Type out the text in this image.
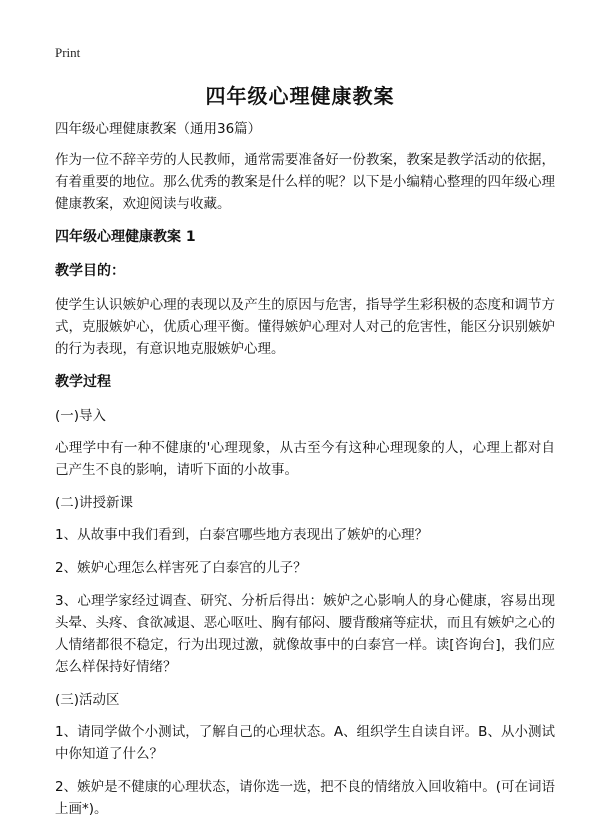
Print
四年级心理健康教案

四年级心理健康教案（通用36篇）

作为一位不辞辛劳的人民教师，通常需要准备好一份教案，教案是教学活动的依据，有着重要的地位。那么优秀的教案是什么样的呢？以下是小编精心整理的四年级心理健康教案，欢迎阅读与收藏。

四年级心理健康教案 1

教学目的：

使学生认识嫉妒心理的表现以及产生的原因与危害，指导学生彩积极的态度和调节方式，克服嫉妒心，优质心理平衡。懂得嫉妒心理对人对己的危害性，能区分识别嫉妒的行为表现，有意识地克服嫉妒心理。

教学过程

(一)导入

心理学中有一种不健康的'心理现象，从古至今有这种心理现象的人，心理上都对自己产生不良的影响，请听下面的小故事。

(二)讲授新课

1、从故事中我们看到，白泰宫哪些地方表现出了嫉妒的心理？

2、嫉妒心理怎么样害死了白泰宫的儿子？

3、心理学家经过调查、研究、分析后得出：嫉妒之心影响人的身心健康，容易出现头晕、头疼、食欲减退、恶心呕吐、胸有郁闷、腰背酸痛等症状，而且有嫉妒之心的人情绪都很不稳定，行为出现过激，就像故事中的白泰宫一样。读[咨询台]，我们应怎么样保持好情绪？

(三)活动区

1、请同学做个小测试，了解自己的心理状态。A、组织学生自读自评。B、从小测试中你知道了什么？

2、嫉妒是不健康的心理状态，请你选一选，把不良的情绪放入回收箱中。(可在词语上画*)。
